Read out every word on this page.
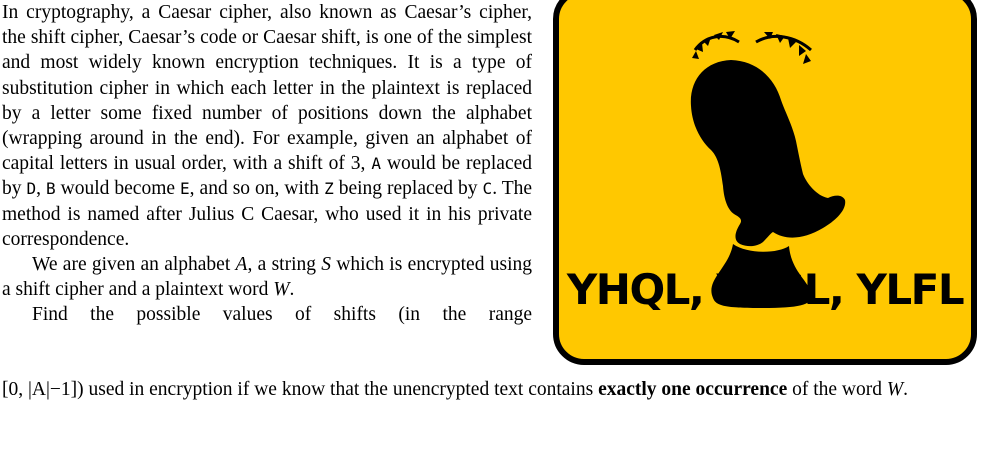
In cryptography, a Caesar cipher, also known as Caesar’s cipher, the shift cipher, Caesar’s code or Caesar shift, is one of the simplest and most widely known encryption techniques. It is a type of substitution cipher in which each letter in the plaintext is replaced by a letter some fixed number of positions down the alphabet (wrapping around in the end). For example, given an alphabet of capital letters in usual order, with a shift of 3, A would be replaced by D, B would become E, and so on, with Z being replaced by C. The method is named after Julius C Caesar, who used it in his private correspondence.

We are given an alphabet A, a string S which is encrypted using a shift cipher and a plaintext word W.

Find the possible values of shifts (in the range

[0, |A|−1]) used in encryption if we know that the unencrypted text contains exactly one occurrence of the word W.
YHQL, YLGL, YLFL
